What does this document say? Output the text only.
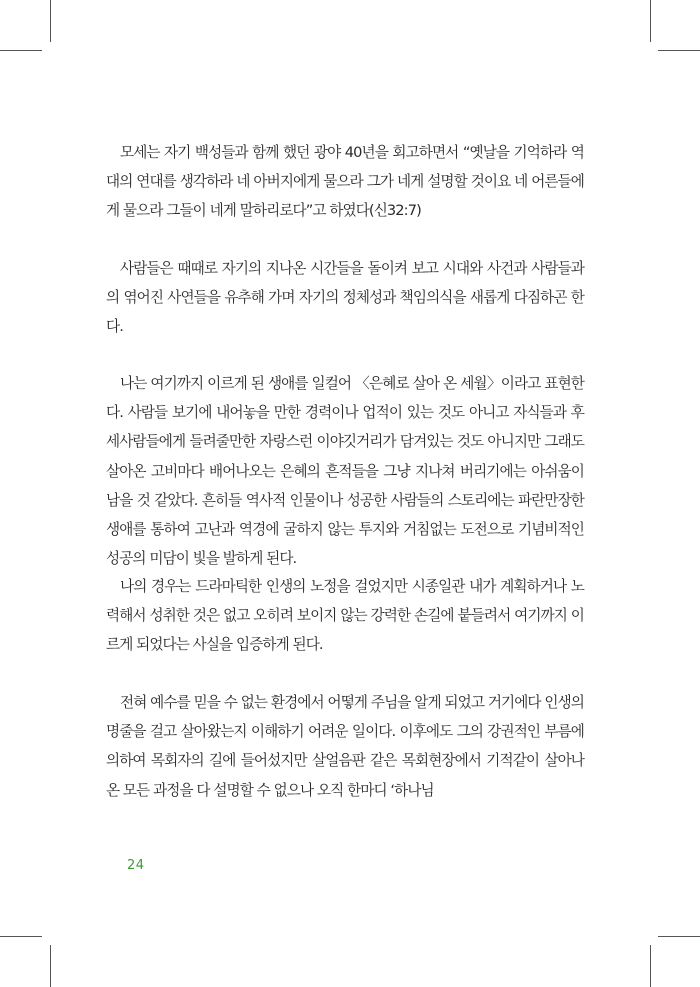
모세는 자기 백성들과 함께 했던 광야 40년을 회고하면서 “옛날을 기억하라 역대의 연대를 생각하라 네 아버지에게 물으라 그가 네게 설명할 것이요 네 어른들에게 물으라 그들이 네게 말하리로다”고 하였다(신32:7)

사람들은 때때로 자기의 지나온 시간들을 돌이켜 보고 시대와 사건과 사람들과의 엮어진 사연들을 유추해 가며 자기의 정체성과 책임의식을 새롭게 다짐하곤 한다.

나는 여기까지 이르게 된 생애를 일컬어 〈은혜로 살아 온 세월〉이라고 표현한다. 사람들 보기에 내어놓을 만한 경력이나 업적이 있는 것도 아니고 자식들과 후세사람들에게 들려줄만한 자랑스런 이야깃거리가 담겨있는 것도 아니지만 그래도 살아온 고비마다 배어나오는 은혜의 흔적들을 그냥 지나쳐 버리기에는 아쉬움이 남을 것 같았다. 흔히들 역사적 인물이나 성공한 사람들의 스토리에는 파란만장한 생애를 통하여 고난과 역경에 굴하지 않는 투지와 거침없는 도전으로 기념비적인 성공의 미담이 빛을 발하게 된다.

나의 경우는 드라마틱한 인생의 노정을 걸었지만 시종일관 내가 계획하거나 노력해서 성취한 것은 없고 오히려 보이지 않는 강력한 손길에 붙들려서 여기까지 이르게 되었다는 사실을 입증하게 된다.

전혀 예수를 믿을 수 없는 환경에서 어떻게 주님을 알게 되었고 거기에다 인생의 명줄을 걸고 살아왔는지 이해하기 어려운 일이다. 이후에도 그의 강권적인 부름에 의하여 목회자의 길에 들어섰지만 살얼음판 같은 목회현장에서 기적같이 살아나온 모든 과정을 다 설명할 수 없으나 오직 한마디 ‘하나님

24
